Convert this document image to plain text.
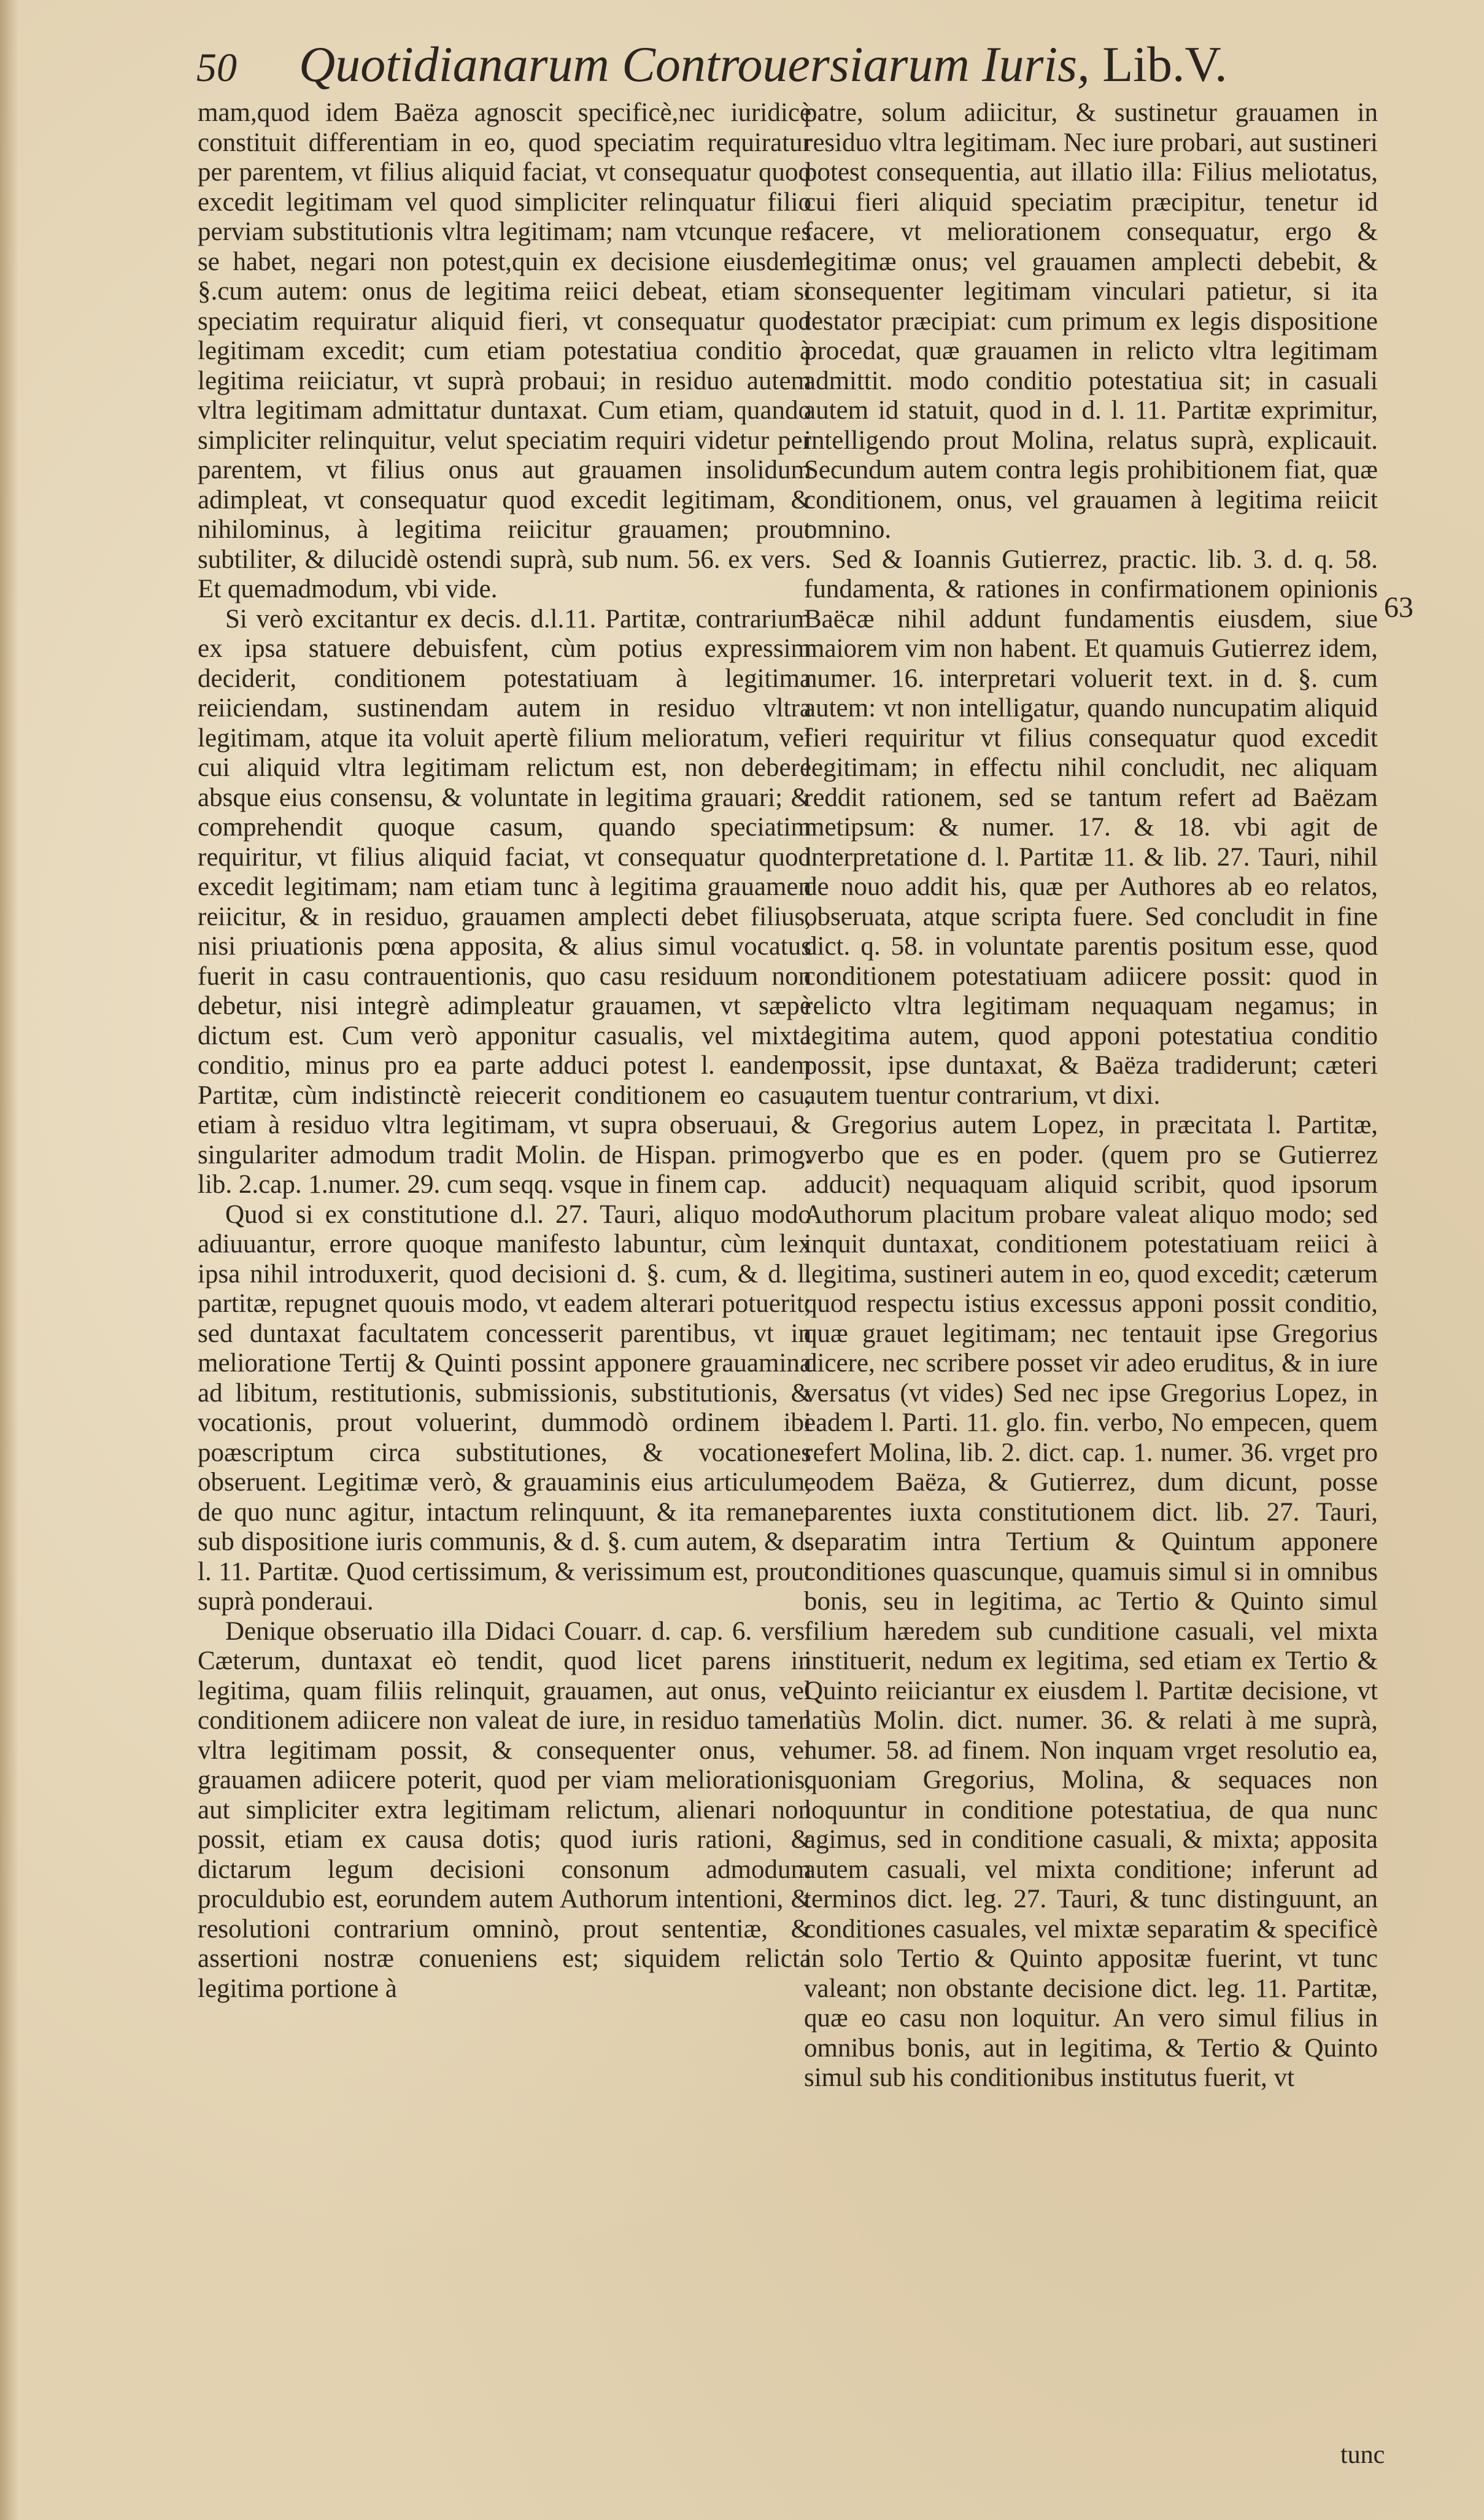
50 Quotidianarum Controuersiarum Iuris, Lib.V.

mam,quod idem Baëza agnoscit specificè,nec iuridicè constituit differentiam in eo, quod speciatim requiratur per parentem, vt filius aliquid faciat, vt consequatur quod excedit legitimam vel quod simpliciter relinquatur filio perviam substitutionis vltra legitimam; nam vtcunque res se habet, negari non potest,quin ex decisione eiusdem §.cum autem: onus de legitima reiici debeat, etiam si speciatim requiratur aliquid fieri, vt consequatur quod legitimam excedit; cum etiam potestatiua conditio à legitima reiiciatur, vt suprà probaui; in residuo autem vltra legitimam admittatur duntaxat. Cum etiam, quando simpliciter relinquitur, velut speciatim requiri videtur per parentem, vt filius onus aut grauamen insolidum adimpleat, vt consequatur quod excedit legitimam, & nihilominus, à legitima reiicitur grauamen; prout subtiliter, & dilucidè ostendi suprà, sub num. 56. ex vers. Et quemadmodum, vbi vide.

Si verò excitantur ex decis. d.l.11. Partitæ, contrarium ex ipsa statuere debuisfent, cùm potius expressim deciderit, conditionem potestatiuam à legitima reiiciendam, sustinendam autem in residuo vltra legitimam, atque ita voluit apertè filium melioratum, vel cui aliquid vltra legitimam relictum est, non debere absque eius consensu, & voluntate in legitima grauari; & comprehendit quoque casum, quando speciatim requiritur, vt filius aliquid faciat, vt consequatur quod excedit legitimam; nam etiam tunc à legitima grauamen reiicitur, & in residuo, grauamen amplecti debet filius, nisi priuationis pœna apposita, & alius simul vocatus fuerit in casu contrauentionis, quo casu residuum non debetur, nisi integrè adimpleatur grauamen, vt sæpè dictum est. Cum verò apponitur casualis, vel mixta conditio, minus pro ea parte adduci potest l. eandem Partitæ, cùm indistinctè reiecerit conditionem eo casu, etiam à residuo vltra legitimam, vt supra obseruaui, & singulariter admodum tradit Molin. de Hispan. primog. lib. 2.cap. 1.numer. 29. cum seqq. vsque in finem cap.

Quod si ex constitutione d.l. 27. Tauri, aliquo modo adiuuantur, errore quoque manifesto labuntur, cùm lex ipsa nihil introduxerit, quod decisioni d. §. cum, & d. l. partitæ, repugnet quouis modo, vt eadem alterari potuerit; sed duntaxat facultatem concesserit parentibus, vt in melioratione Tertij & Quinti possint apponere grauamina ad libitum, restitutionis, submissionis, substitutionis, & vocationis, prout voluerint, dummodò ordinem ibi poæscriptum circa substitutiones, & vocationes obseruent. Legitimæ verò, & grauaminis eius articulum, de quo nunc agitur, intactum relinquunt, & ita remanet sub dispositione iuris communis, & d. §. cum autem, & d. l. 11. Partitæ. Quod certissimum, & verissimum est, prout suprà ponderaui.

Denique obseruatio illa Didaci Couarr. d. cap. 6. vers. Cæterum, duntaxat eò tendit, quod licet parens in legitima, quam filiis relinquit, grauamen, aut onus, vel conditionem adiicere non valeat de iure, in residuo tamen vltra legitimam possit, & consequenter onus, vel grauamen adiicere poterit, quod per viam meliorationis, aut simpliciter extra legitimam relictum, alienari non possit, etiam ex causa dotis; quod iuris rationi, & dictarum legum decisioni consonum admodum proculdubio est, eorundem autem Authorum intentioni, & resolutioni contrarium omninò, prout sententiæ, & assertioni nostræ conueniens est; siquidem relicta legitima portione à

patre, solum adiicitur, & sustinetur grauamen in residuo vltra legitimam. Nec iure probari, aut sustineri potest consequentia, aut illatio illa: Filius meliotatus, cui fieri aliquid speciatim præcipitur, tenetur id facere, vt meliorationem consequatur, ergo & legitimæ onus; vel grauamen amplecti debebit, & consequenter legitimam vinculari patietur, si ita testator præcipiat: cum primum ex legis dispositione procedat, quæ grauamen in relicto vltra legitimam admittit. modo conditio potestatiua sit; in casuali autem id statuit, quod in d. l. 11. Partitæ exprimitur, intelligendo prout Molina, relatus suprà, explicauit. Secundum autem contra legis prohibitionem fiat, quæ conditionem, onus, vel grauamen à legitima reiicit omnino.

Sed & Ioannis Gutierrez, practic. lib. 3. d. q. 58. fundamenta, & rationes in confirmationem opinionis Baëcæ nihil addunt fundamentis eiusdem, siue maiorem vim non habent. Et quamuis Gutierrez idem, numer. 16. interpretari voluerit text. in d. §. cum autem: vt non intelligatur, quando nuncupatim aliquid fieri requiritur vt filius consequatur quod excedit legitimam; in effectu nihil concludit, nec aliquam reddit rationem, sed se tantum refert ad Baëzam metipsum: & numer. 17. & 18. vbi agit de interpretatione d. l. Partitæ 11. & lib. 27. Tauri, nihil de nouo addit his, quæ per Authores ab eo relatos, obseruata, atque scripta fuere. Sed concludit in fine dict. q. 58. in voluntate parentis positum esse, quod conditionem potestatiuam adiicere possit: quod in relicto vltra legitimam nequaquam negamus; in legitima autem, quod apponi potestatiua conditio possit, ipse duntaxat, & Baëza tradiderunt; cæteri autem tuentur contrarium, vt dixi.

Gregorius autem Lopez, in præcitata l. Partitæ, verbo que es en poder. (quem pro se Gutierrez adducit) nequaquam aliquid scribit, quod ipsorum Authorum placitum probare valeat aliquo modo; sed inquit duntaxat, conditionem potestatiuam reiici à legitima, sustineri autem in eo, quod excedit; cæterum quod respectu istius excessus apponi possit conditio, quæ grauet legitimam; nec tentauit ipse Gregorius dicere, nec scribere posset vir adeo eruditus, & in iure versatus (vt vides) Sed nec ipse Gregorius Lopez, in eadem l. Parti. 11. glo. fin. verbo, No empecen, quem refert Molina, lib. 2. dict. cap. 1. numer. 36. vrget pro eodem Baëza, & Gutierrez, dum dicunt, posse parentes iuxta constitutionem dict. lib. 27. Tauri, separatim intra Tertium & Quintum apponere conditiones quascunque, quamuis simul si in omnibus bonis, seu in legitima, ac Tertio & Quinto simul filium hæredem sub cunditione casuali, vel mixta instituerit, nedum ex legitima, sed etiam ex Tertio & Quinto reiiciantur ex eiusdem l. Partitæ decisione, vt latiùs Molin. dict. numer. 36. & relati à me suprà, numer. 58. ad finem. Non inquam vrget resolutio ea, quoniam Gregorius, Molina, & sequaces non loquuntur in conditione potestatiua, de qua nunc agimus, sed in conditione casuali, & mixta; apposita autem casuali, vel mixta conditione; inferunt ad terminos dict. leg. 27. Tauri, & tunc distinguunt, an conditiones casuales, vel mixtæ separatim & specificè in solo Tertio & Quinto appositæ fuerint, vt tunc valeant; non obstante decisione dict. leg. 11. Partitæ, quæ eo casu non loquitur. An vero simul filius in omnibus bonis, aut in legitima, & Tertio & Quinto simul sub his conditionibus institutus fuerit, vt

63
tunc
